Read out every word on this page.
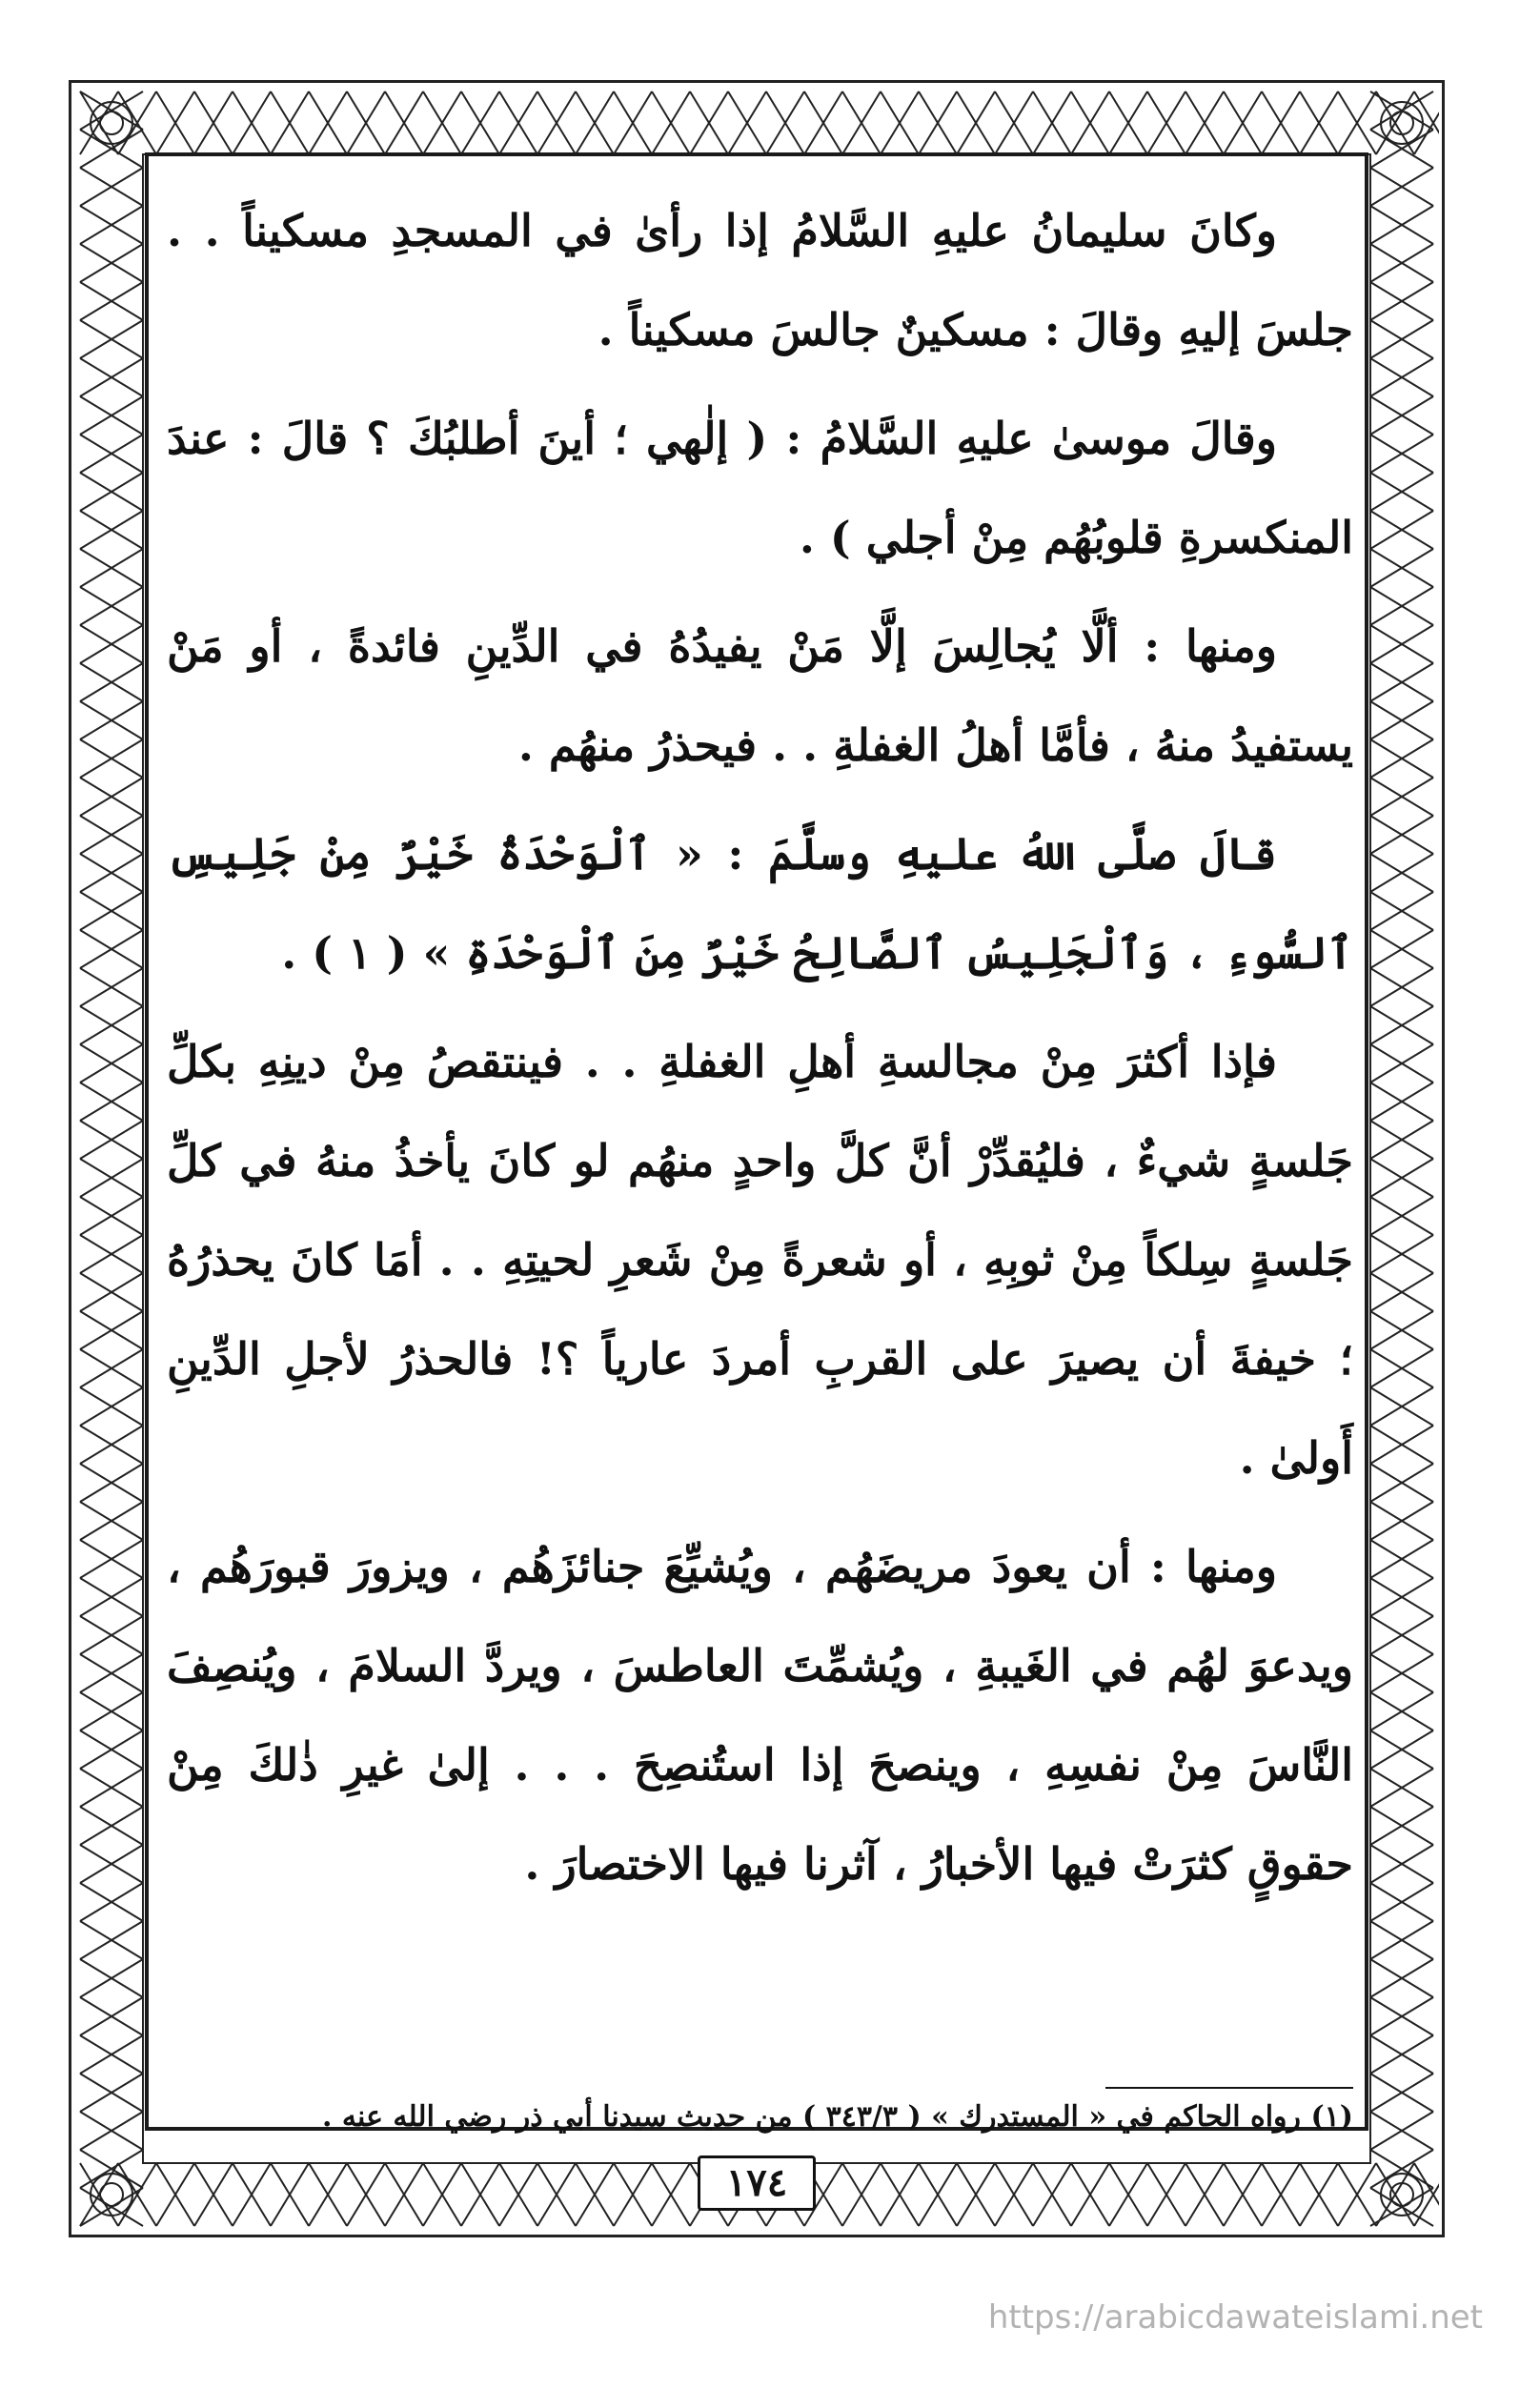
وكانَ سليمانُ عليهِ السَّلامُ إذا رأىٰ في المسجدِ مسكيناً . . جلسَ إليهِ وقالَ : مسكينٌ جالسَ مسكيناً .

وقالَ موسىٰ عليهِ السَّلامُ : ( إلٰهي ؛ أينَ أطلبُكَ ؟ قالَ : عندَ المنكسرةِ قلوبُهُم مِنْ أجلي ) .

ومنها : ألَّا يُجالِسَ إلَّا مَنْ يفيدُهُ في الدِّينِ فائدةً ، أو مَنْ يستفيدُ منهُ ، فأمَّا أهلُ الغفلةِ . . فيحذرُ منهُم .

قالَ صلَّى اللهُ عليهِ وسلَّمَ : « ٱلْوَحْدَةُ خَيْرٌ مِنْ جَلِيسِ ٱلسُّوءِ ، وَٱلْجَلِيسُ ٱلصَّالِحُ خَيْرٌ مِنَ ٱلْوَحْدَةِ » ( ١ ) .

فإذا أكثرَ مِنْ مجالسةِ أهلِ الغفلةِ . . فينتقصُ مِنْ دينِهِ بكلِّ جَلسةٍ شيءٌ ، فليُقدِّرْ أنَّ كلَّ واحدٍ منهُم لو كانَ يأخذُ منهُ في كلِّ جَلسةٍ سِلكاً مِنْ ثوبِهِ ، أو شعرةً مِنْ شَعرِ لحيتِهِ . . أمَا كانَ يحذرُهُ ؛ خيفةَ أن يصيرَ على القربِ أمردَ عارياً ؟! فالحذرُ لأجلِ الدِّينِ أَولىٰ .

ومنها : أن يعودَ مريضَهُم ، ويُشيِّعَ جنائزَهُم ، ويزورَ قبورَهُم ، ويدعوَ لهُم في الغَيبةِ ، ويُشمِّتَ العاطسَ ، ويردَّ السلامَ ، ويُنصِفَ النَّاسَ مِنْ نفسِهِ ، وينصحَ إذا استُنصِحَ . . . إلىٰ غيرِ ذٰلكَ مِنْ حقوقٍ كثرَتْ فيها الأخبارُ ، آثرنا فيها الاختصارَ .

(١) رواه الحاكم في « المستدرك » ( ٣٤٣/٣ ) من حديث سيدنا أبي ذر رضي الله عنه .
١٧٤
https://arabicdawateislami.net
